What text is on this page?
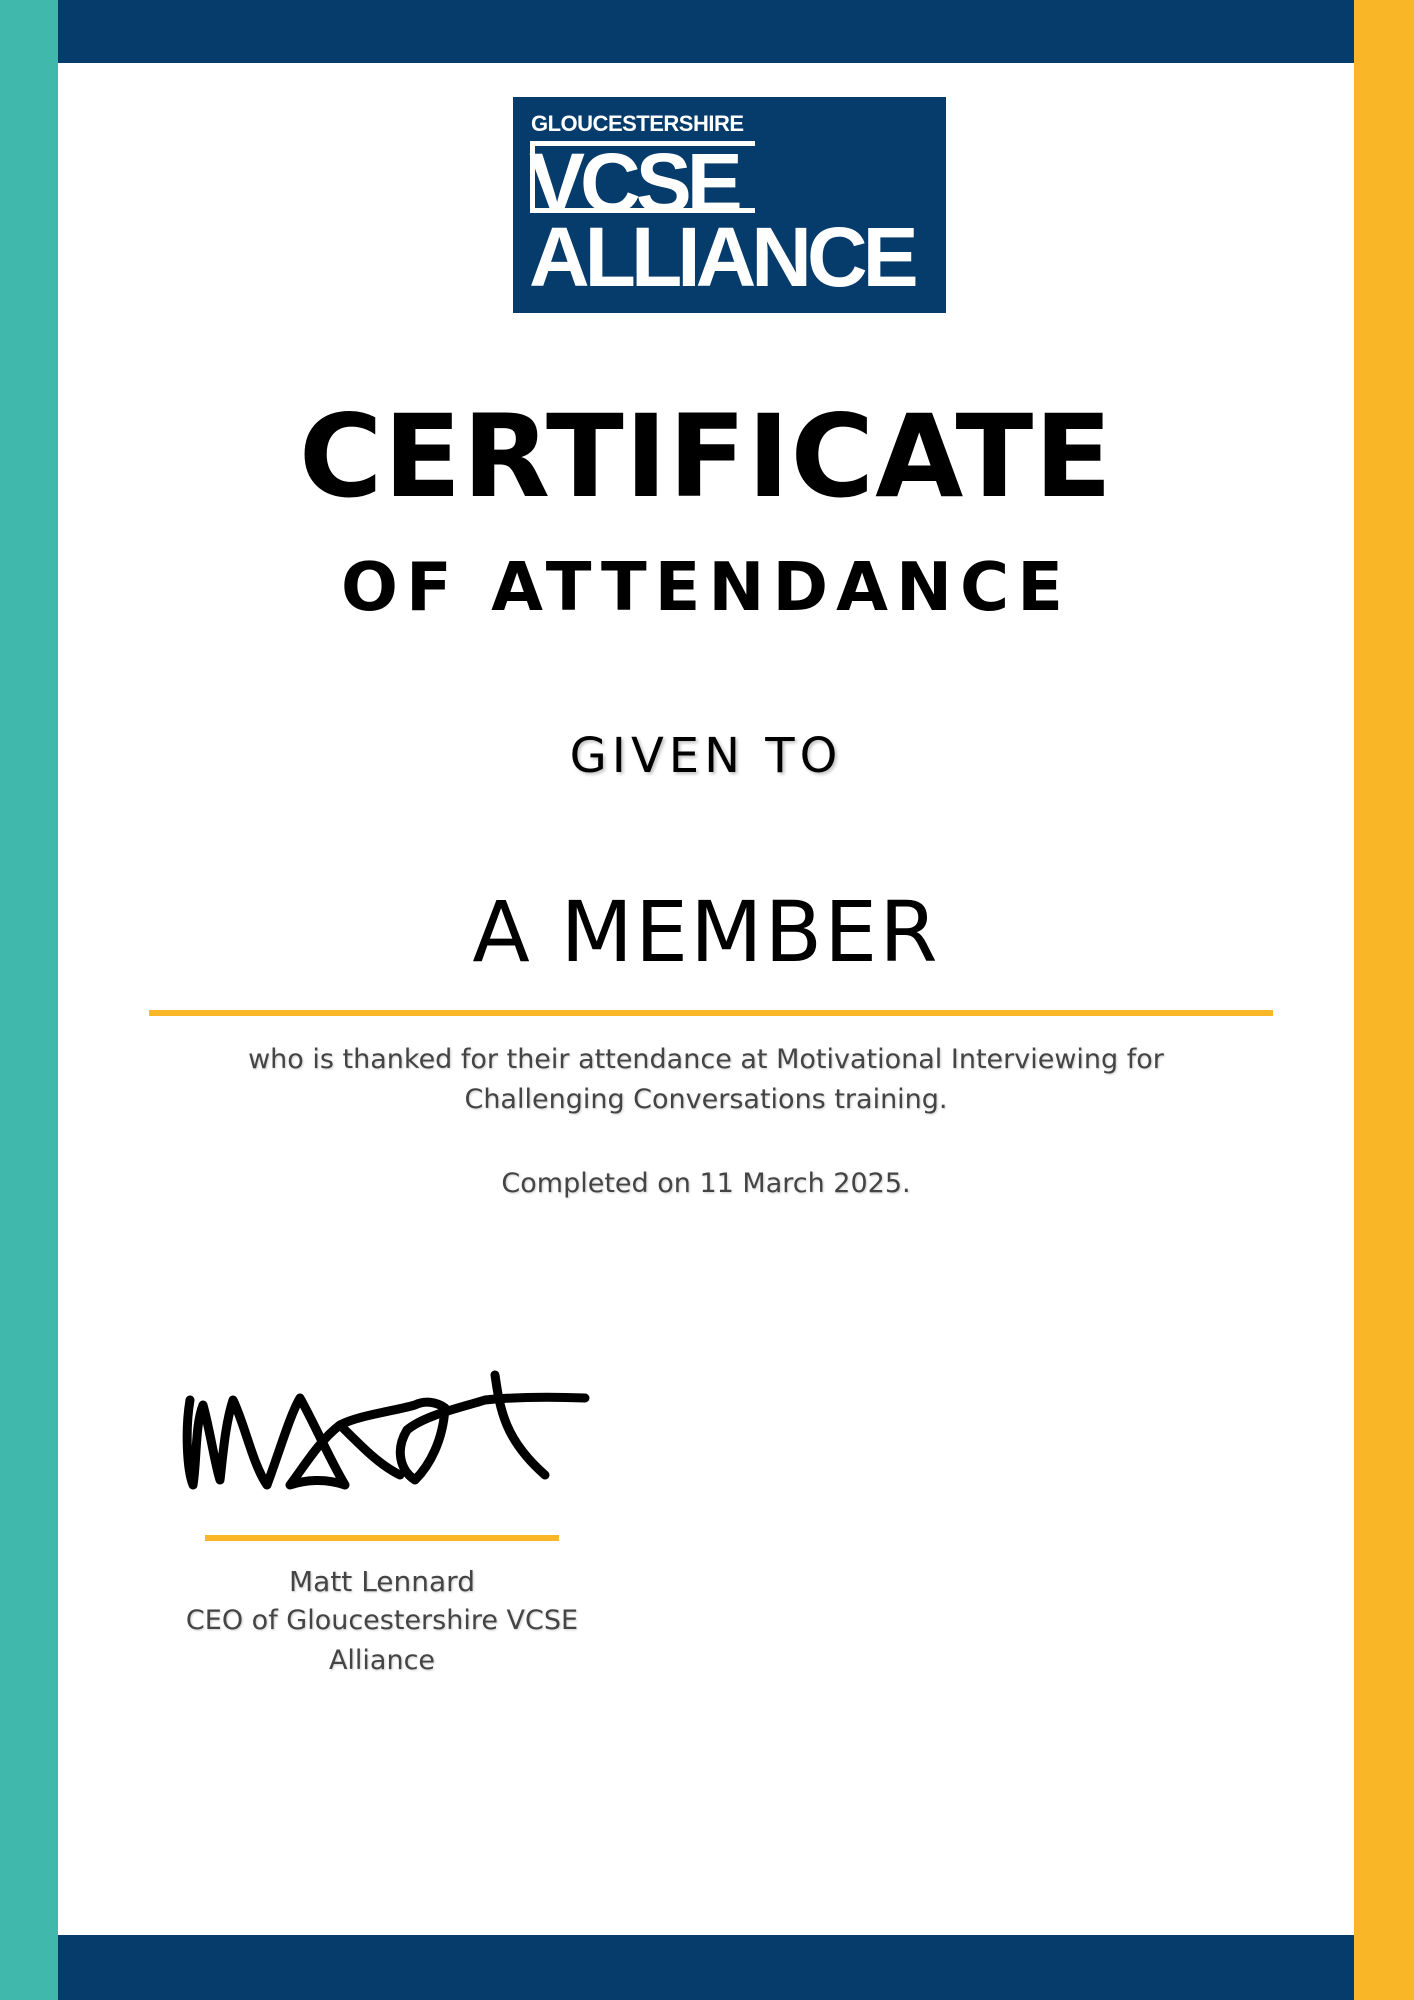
GLOUCESTERSHIRE
VCSE
ALLIANCE
CERTIFICATE
OF ATTENDANCE
GIVEN TO
A MEMBER
who is thanked for their attendance at Motivational Interviewing for Challenging Conversations training.
Completed on 11 March 2025.
Matt Lennard
CEO of Gloucestershire VCSE Alliance
